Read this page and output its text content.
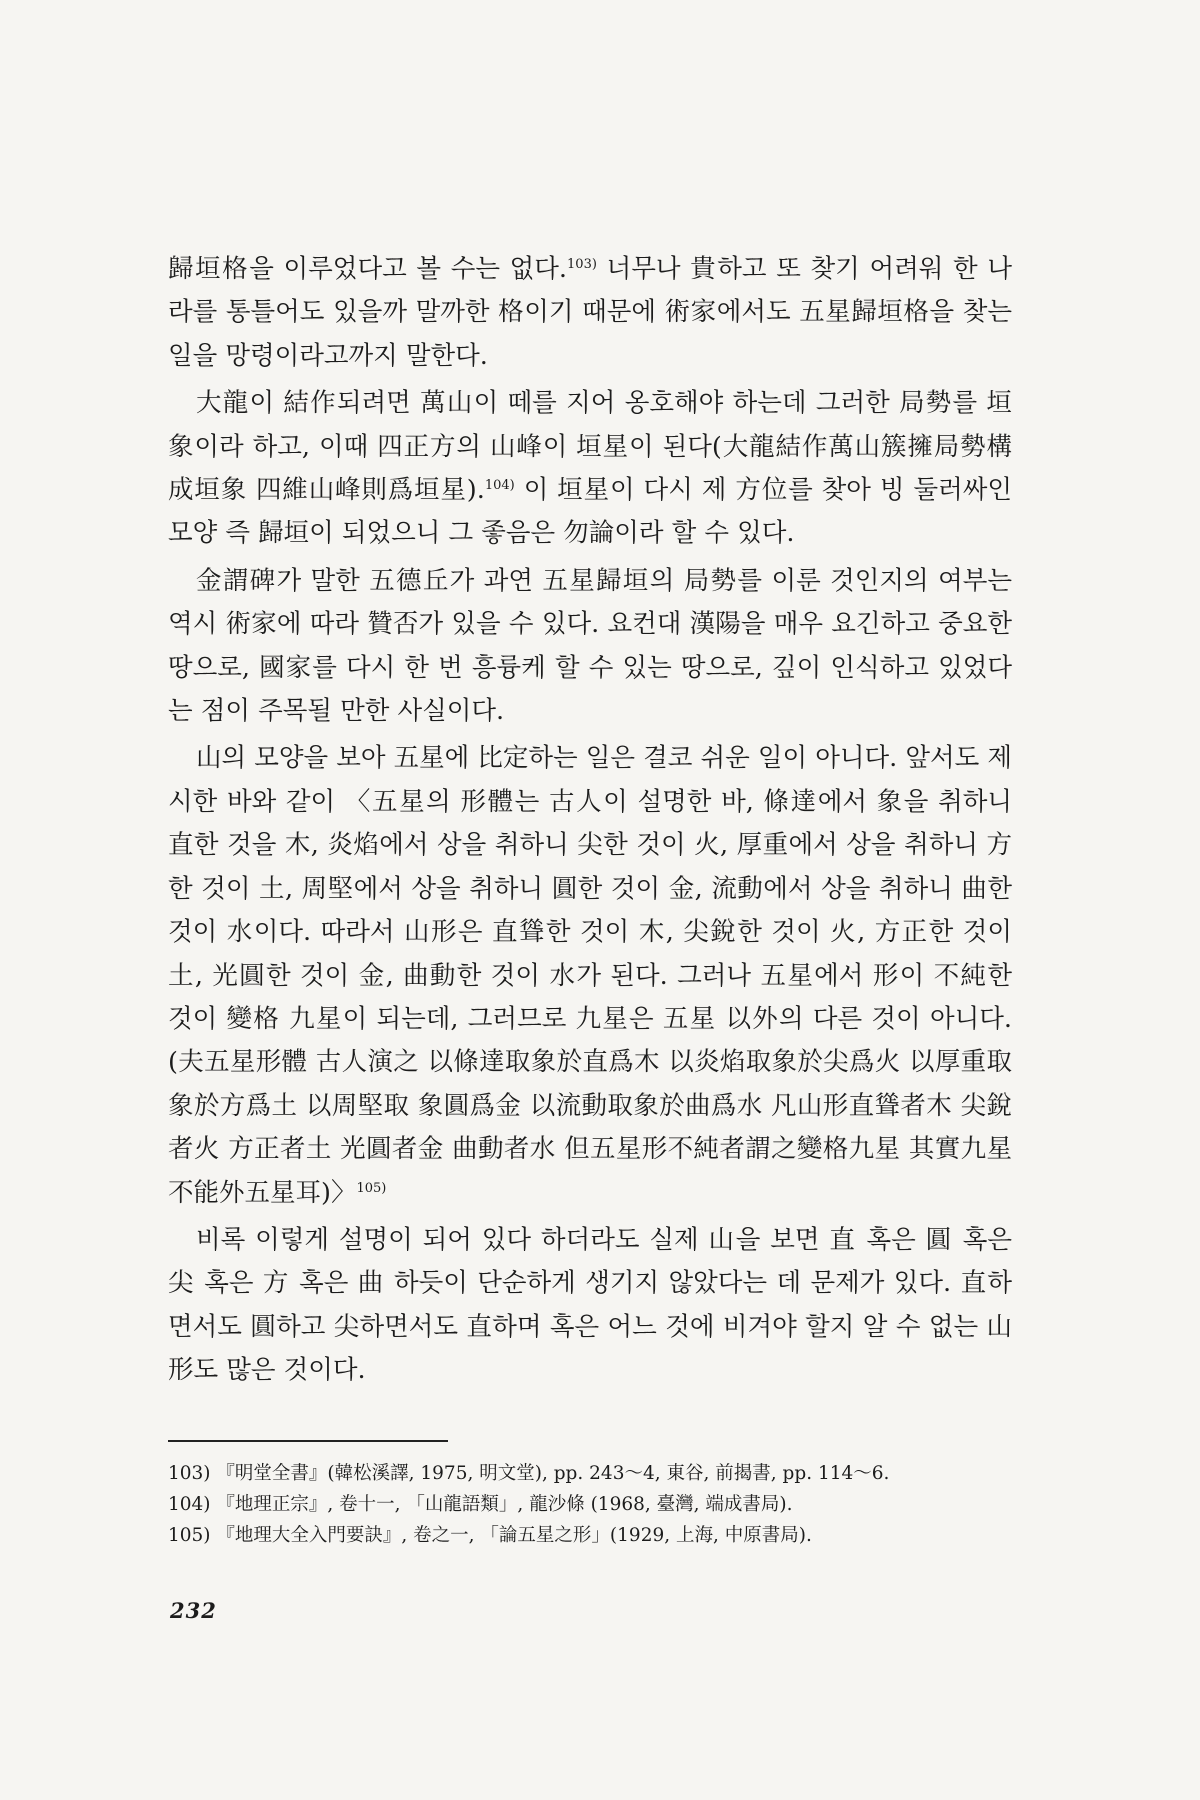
歸垣格을 이루었다고 볼 수는 없다.$^{103)}$ 너무나 貴하고 또 찾기 어려워 한 나라를 통틀어도 있을까 말까한 格이기 때문에 術家에서도 五星歸垣格을 찾는 일을 망령이라고까지 말한다.

大龍이 結作되려면 萬山이 떼를 지어 옹호해야 하는데 그러한 局勢를 垣象이라 하고, 이때 四正方의 山峰이 垣星이 된다(大龍結作萬山簇擁局勢構成垣象 四維山峰則爲垣星).$^{104)}$ 이 垣星이 다시 제 方位를 찾아 빙 둘러싸인 모양 즉 歸垣이 되었으니 그 좋음은 勿論이라 할 수 있다.

金謂碑가 말한 五德丘가 과연 五星歸垣의 局勢를 이룬 것인지의 여부는 역시 術家에 따라 贊否가 있을 수 있다. 요컨대 漢陽을 매우 요긴하고 중요한 땅으로, 國家를 다시 한 번 흥륭케 할 수 있는 땅으로, 깊이 인식하고 있었다는 점이 주목될 만한 사실이다.

山의 모양을 보아 五星에 比定하는 일은 결코 쉬운 일이 아니다. 앞서도 제시한 바와 같이 〈五星의 形體는 古人이 설명한 바, 條達에서 象을 취하니 直한 것을 木, 炎焰에서 상을 취하니 尖한 것이 火, 厚重에서 상을 취하니 方한 것이 土, 周堅에서 상을 취하니 圓한 것이 金, 流動에서 상을 취하니 曲한 것이 水이다. 따라서 山形은 直聳한 것이 木, 尖銳한 것이 火, 方正한 것이 土, 光圓한 것이 金, 曲動한 것이 水가 된다. 그러나 五星에서 形이 不純한 것이 變格 九星이 되는데, 그러므로 九星은 五星 以外의 다른 것이 아니다. (夫五星形體 古人演之 以條達取象於直爲木 以炎焰取象於尖爲火 以厚重取象於方爲土 以周堅取 象圓爲金 以流動取象於曲爲水 凡山形直聳者木 尖銳者火 方正者土 光圓者金 曲動者水 但五星形不純者謂之變格九星 其實九星不能外五星耳)〉$^{105)}$

비록 이렇게 설명이 되어 있다 하더라도 실제 山을 보면 直 혹은 圓 혹은 尖 혹은 方 혹은 曲 하듯이 단순하게 생기지 않았다는 데 문제가 있다. 直하면서도 圓하고 尖하면서도 直하며 혹은 어느 것에 비겨야 할지 알 수 없는 山形도 많은 것이다.

103) 『明堂全書』(韓松溪譯, 1975, 明文堂), pp. 243～4, 東谷, 前揭書, pp. 114～6.
104) 『地理正宗』, 卷十一, 「山龍語類」, 龍沙條 (1968, 臺灣, 端成書局).
105) 『地理大全入門要訣』, 卷之一, 「論五星之形」(1929, 上海, 中原書局).
232
